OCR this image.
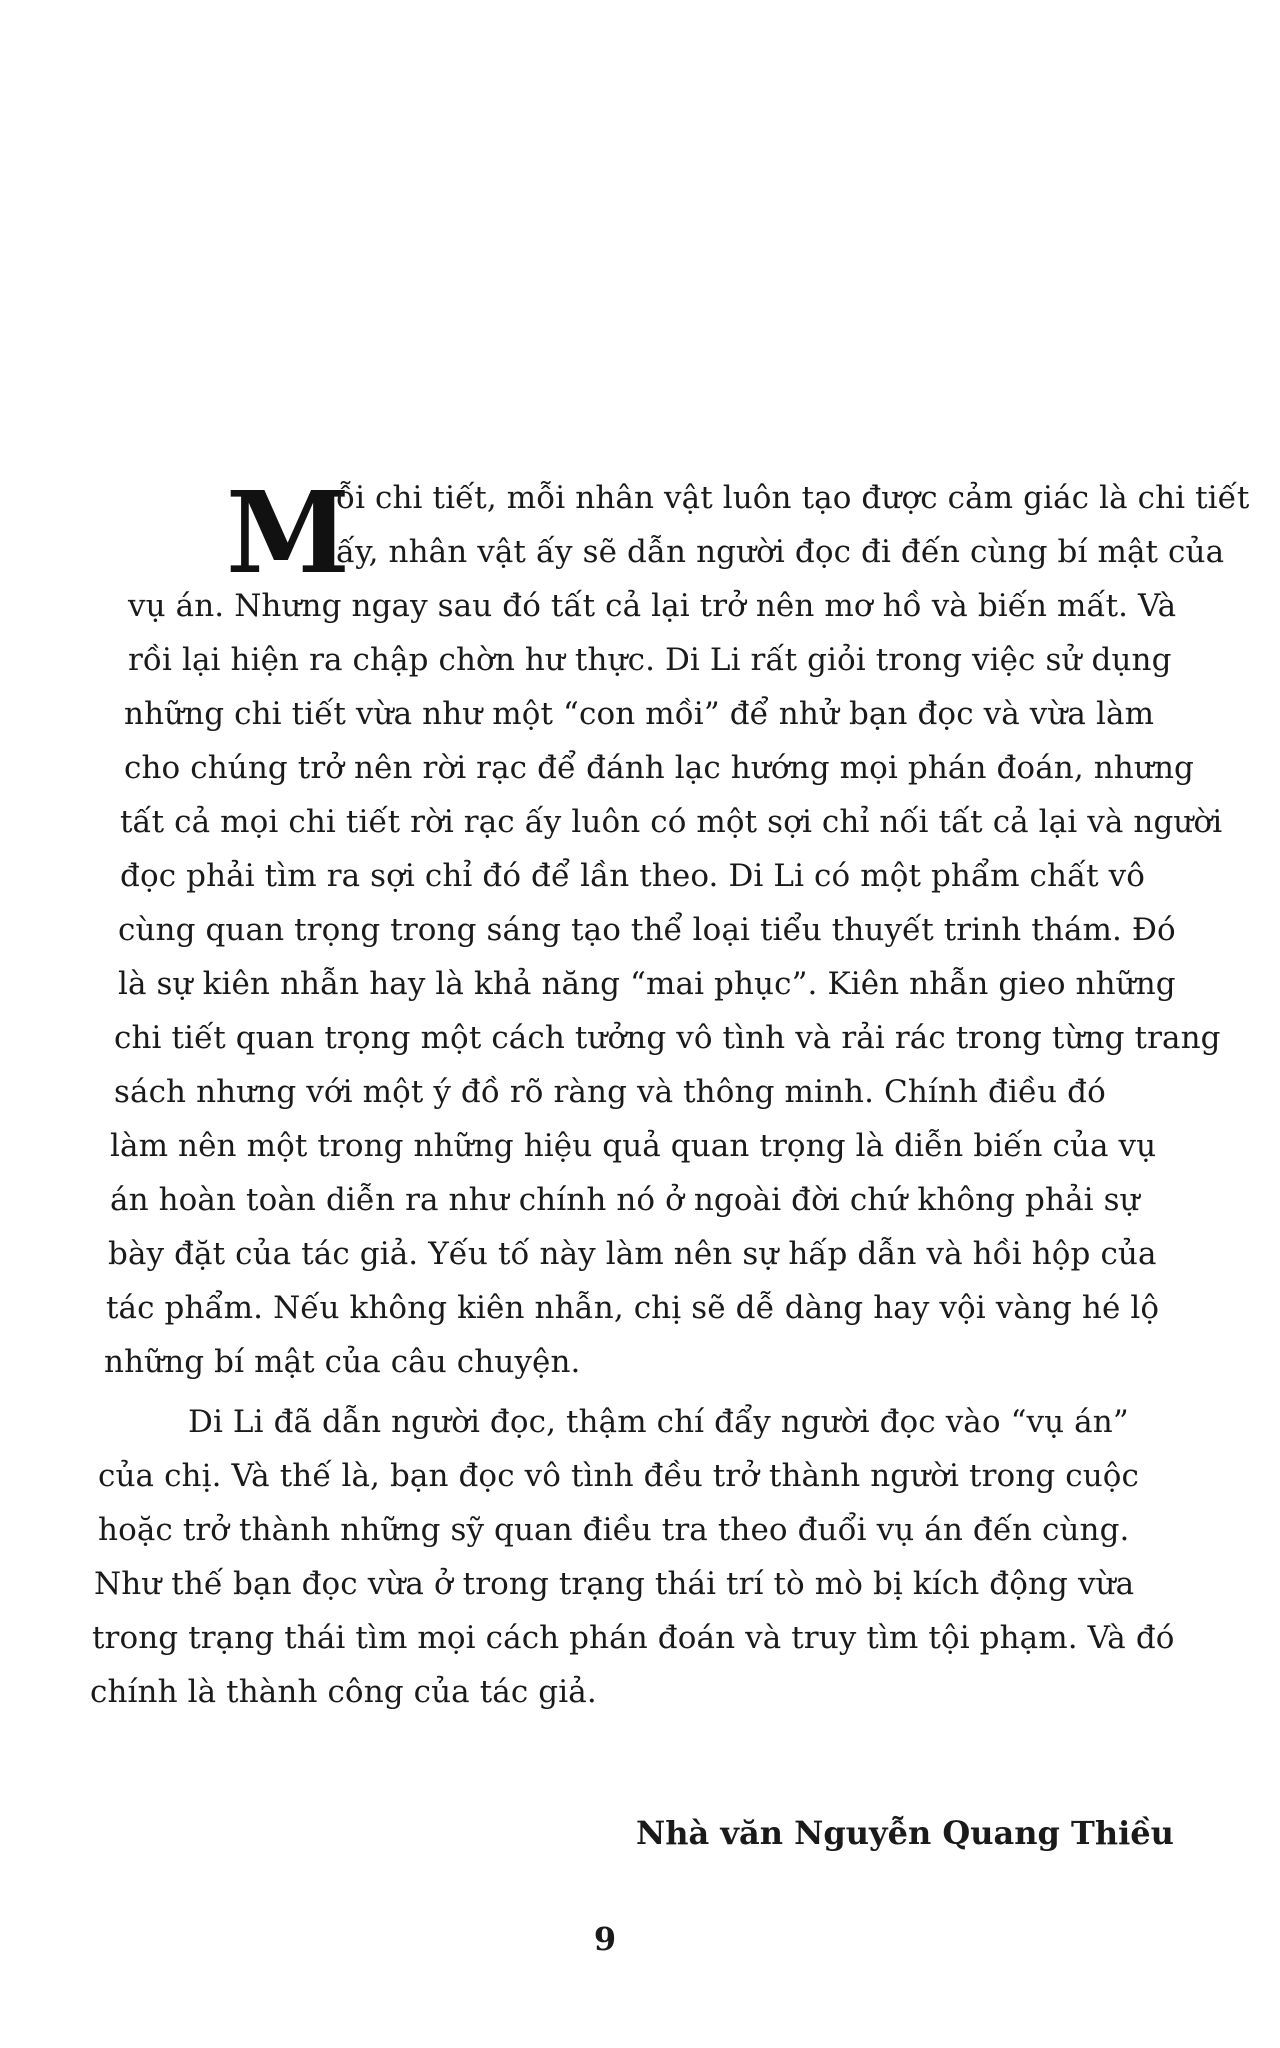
M
ỗi chi tiết, mỗi nhân vật luôn tạo được cảm giác là chi tiết
ấy, nhân vật ấy sẽ dẫn người đọc đi đến cùng bí mật của
vụ án. Nhưng ngay sau đó tất cả lại trở nên mơ hồ và biến mất. Và
rồi lại hiện ra chập chờn hư thực. Di Li rất giỏi trong việc sử dụng
những chi tiết vừa như một “con mồi” để nhử bạn đọc và vừa làm
cho chúng trở nên rời rạc để đánh lạc hướng mọi phán đoán, nhưng
tất cả mọi chi tiết rời rạc ấy luôn có một sợi chỉ nối tất cả lại và người
đọc phải tìm ra sợi chỉ đó để lần theo. Di Li có một phẩm chất vô
cùng quan trọng trong sáng tạo thể loại tiểu thuyết trinh thám. Đó
là sự kiên nhẫn hay là khả năng “mai phục”. Kiên nhẫn gieo những
chi tiết quan trọng một cách tưởng vô tình và rải rác trong từng trang
sách nhưng với một ý đồ rõ ràng và thông minh. Chính điều đó
làm nên một trong những hiệu quả quan trọng là diễn biến của vụ
án hoàn toàn diễn ra như chính nó ở ngoài đời chứ không phải sự
bày đặt của tác giả. Yếu tố này làm nên sự hấp dẫn và hồi hộp của
tác phẩm. Nếu không kiên nhẫn, chị sẽ dễ dàng hay vội vàng hé lộ
những bí mật của câu chuyện.
Di Li đã dẫn người đọc, thậm chí đẩy người đọc vào “vụ án”
của chị. Và thế là, bạn đọc vô tình đều trở thành người trong cuộc
hoặc trở thành những sỹ quan điều tra theo đuổi vụ án đến cùng.
Như thế bạn đọc vừa ở trong trạng thái trí tò mò bị kích động vừa
trong trạng thái tìm mọi cách phán đoán và truy tìm tội phạm. Và đó
chính là thành công của tác giả.
Nhà văn Nguyễn Quang Thiều
9
